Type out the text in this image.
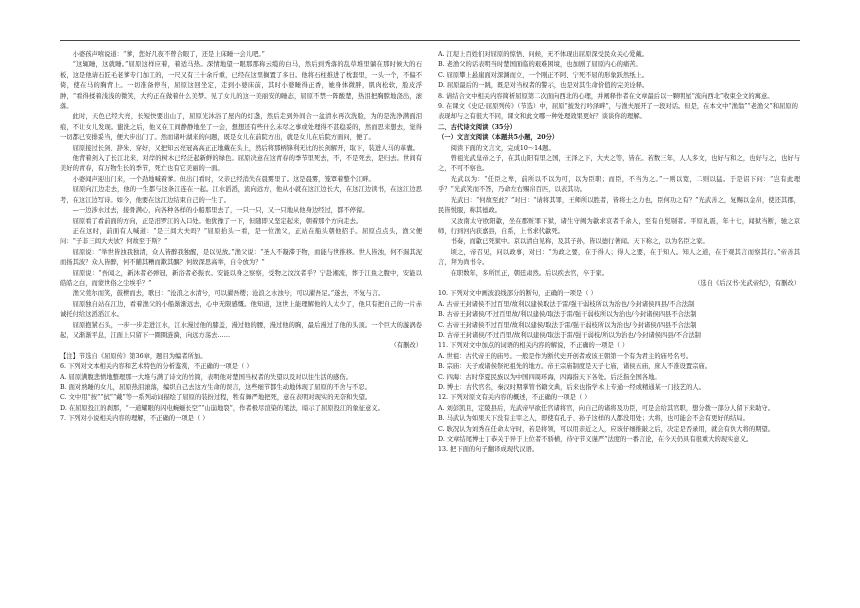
小婆孩声嘻说道：“爹，您好几夜不曾合眼了，还是上床睡一会儿吧。”

“这辄睡，这就睡。”屈原这样应着，着适马热。深情地望一眼那那称云缆的白马，然后到秀落的乱草堆里躺在那时候大的石板，这是他请石匠毛老爹专门加工的，一尺又有三十余斤重，已经在这里搁置了多日。他将石柱推进了枕套里，一头一个，不偏不倚，使在马的胸背上。一切准备停当，屈原这回坐定，走到小婆床前，其时小婆睡得正香，她身体微胖，肌肉松软，脸皮浮肿，“看得揉着浅浅的微笑，大约正在做着什么美梦。见了女儿的这一美丽安的睡态，屈原不禁一阵酸楚，热泪把胸膛地浇出，滚落。

此时，天色已经大亮，长短快要出山了，屈原光沐浴了屋内的灯盏，然后走到外间合一盆清水再次洗脸，为的是洗净满面泪痕，不让女儿发现。盥洗之后，他又在工间静静地坐了一会，想想还有些什么未尽之事或处理得不甚稳妥的，然而思来想去，觉得一切都已安排妥当，便大步出门了。然而诸叶湖来的问题，既是女儿在前院方出，就是女儿在后院方面问，便了。

屈原接过长剑、辞朱、穿好，又把知云亮冠高高正正地戴在头上，然后将那柄锋利无比的长剑解开，取下，装进人马的革囊。

他背着剑入了长江北来，对岸的树木已经泛起新鲜的绿色。屈原决意在这青春的季节里死去，不，不是死去，是归去。世间有美好的青春，有万物生长的季节，死亡也有它美丽的一面。

小婆闻声迎出门来，一个劲地喊着爹。但出门看时，父亲已经消失在晨雾里了。这是晨雾，笼罩着整个江畔。

屈原向江边走去，他的一生都与这条江连在一起。江水滔滔，流向远方，他从小就在这江边长大，在这江边读书，在这江边思考，在这江边写诗。如今，他要在这江边结束自己的一生了。

—一边涉水过去，接骨满心，向各种各样的小船那里去了，一只一只，又一只地从他身边经过，都不停留。

屈原看了看前面的方向，正是汨罗江的入口处。他犹豫了一下，但随即又坚定起来，朝着那个方向走去。

正在这时，前面有人喊道：“是三闾大夫吗？”屈原抬头一看，是一位渔父，正站在船头朝他招手。屈原点点头，渔父便问：“子非三闾大夫欤？何故至于斯？”

屈原说：“举世皆浊我独清，众人皆醉我独醒，是以见放。”渔父说：“圣人不凝滞于物，而能与世推移。世人皆浊，何不淈其泥而扬其波？众人皆醉，何不餔其糟而歠其醨？何故深思高举，自令放为？”

屈原说：“吾闻之，新沐者必弹冠，新浴者必振衣。安能以身之察察，受物之汶汶者乎？宁赴湘流，葬于江鱼之腹中，安能以皓皓之白，而蒙世俗之尘埃乎？”

渔父莞尔而笑，鼓枻而去，歌曰：“沧浪之水清兮，可以濯吾缨；沧浪之水浊兮，可以濯吾足。”遂去，不复与言。

屈原独自站在江边，看着渔父的小船渐渐远去，心中无限感慨。他知道，这世上能理解他的人太少了，他只有把自己的一片赤诚托付给这滔滔江水。

屈原抱紧石头，一步一步走进江水，江水漫过他的膝盖，漫过他的腰，漫过他的胸，最后漫过了他的头顶。一个巨大的漩涡卷起，又渐渐平息，江面上只留下一圈圈涟漪，向远方荡去……

（有删改）

【注】节选自《屈原传》第36章，题目为编者所加。

6. 下列对文本相关内容和艺术特色的分析鉴赏，不正确的一项是（ ）

A. 屈原满腹悲愤地整理那一大堆与满了诗文的竹简，表明他对楚国当权者的失望以及对以往生活的感伤。

B. 面对熟睡的女儿，屈原热泪滚落，编织自己去这方生命的误言，这些细节都生动地体现了屈原的不舍与不忍。

C. 文中用“按”“拭”“戴”等一系列动词描绘了屈原的装扮过程，牲有舞严地把死，意在表明对现实的无奈和失望。

D. 在屈原投江的刹那，“一道耀眼的闪电蜿蜒长空”“山崩地裂”，作者极尽渲染的笔法，暗示了屈原投江的象征意义。

7. 下列对小说相关内容的理解，不正确的一项是（ ）

A. 江堤上百姓们对屈原的惊悟、问候，无不体现出屈原深受民众关心爱戴。

B. 老渔父的话表明当时楚国面临的艰难困境，也加剧了屈原内心的痛苦。

C. 屈原攀上悬崖面对深渊而立，一个刚正不阿、宁死不屈的形象跃然纸上。

D. 屈原最后的一跳，既是对当权者的警示，也是对其生命价值的完美诠释。

8. 请结合文中相关内容简析屈原第二次面向西北的心理，并阐释作者在文章最后以一颗明星“流向西北”收束全文的寓意。

9. 在课文《史记·屈原列传》（节选）中，屈原“披发行吟泽畔”，与渔夫展开了一段对话。但是，在本文中“渔翁”“老渔父”和屈原的表现却与之有很大不同，课文和此文哪一种处理效果更好？谈谈你的理解。

二、古代诗文阅读（35分）

（一）文言文阅读（本题共5小题，20分）

阅读下面的文言文，完成10～14题。

曾祖光武皇帝之子，在其山阳有里之国，王泽之下，大夫之等，皆在。若数三年，人人多文，也好与和之，也好与之，也好与之，不可不察也。

光武以为：“任臣之卑，前所以不以为可，以为臣职；而臣，不当为之。”一则以宽，二则以猛。于是诏下问：“岂有此理乎？”光武笑而不答，乃命左右赐帛百匹，以表其功。

光武曰：“何故至此？”对曰：“请将其罪，王师所以胜者，皆将士之力也，臣何功之有？”光武善之，复赐以金帛，使还其郡，民皆悦服，称其德政。

又汝南太守欧阳歙，坐在郡赃罪下狱，诸生守阙为歙求哀者千余人，至有自髡剔者。平原礼震，年十七，闻狱当断，驰之京师，行到河内获嘉县，自系，上书求代歙死。

书奏，而歙已死狱中。京以清白见称，及其子孙，皆以德行著闻。天下称之，以为名臣之家。

顷之，帝召见，问以政事，对曰：“为政之要，在于得人；得人之要，在于知人。知人之道，在于观其言而察其行。”帝善其言，拜为尚书令。

在职数年，多所匡正，朝廷肃然。后以疾去官，卒于家。

（选自《后汉书·光武帝纪》，有删改）

10. 下列对文中画波浪线部分的断句，正确的一项是（ ）

A. 古帝王封诸侯不过百里/故利以建侯取法于雷/强干弱枝所以为治也/今封诸侯四县/不合法制

B. 古帝王封诸侯/不过百里故/利以建侯/取法于雷/强干弱枝所以为治也/今封诸侯四县不合法制

C. 古帝王封诸侯不过百里/故利以建侯/取法于雷/强干弱枝所以为治也/今封诸侯/四县不合法制

D. 古帝王封诸侯/不过百里/故利以建侯/取法于雷/强干弱枝/所以为治也/今封诸侯四县/不合法制

11. 下列对文中加点的词语的相关内容的解说，不正确的一项是（ ）

A. 世祖：古代帝王的庙号。一般是作为断代史开创者或该王朝第一个有为君主的庙号名号。

B. 宗庙：天子或诸侯祭祀祖先的地方。帝王宗庙制度是天子七庙，诸侯五庙，庶人不准设置宗庙。

C. 四海：古时华夏民族以为中国四周环海，四海指天下各处。后泛指全国各地。

D. 博士：古代官名，秦汉时期掌管书籍文典，后来也指学术上专通一经或精通某一门技艺的人。

12. 下列对原文有关内容的概述，不正确的一项是（ ）

A. 刘彭凯且，定陵县后，光武帝早欲任官诸将官，向自己的诸将及功臣，可是会给其官职，想分拨一部分人留下来助守。

B. 马武认为如果天下没有主宰之人，即使有孔子、孙子这样的人都没用处；大将，也可能会不会有更好的结局。

C. 耿况认为刘秀在任命太守时，若是将领，可以用亲近之人，应该仔细推敲之后，决定是否录用，就会有负大将的期望。

D. 文章结尾博士丁恭关于异于上位者不骄横，待守节义谨严”法度的一番言论，在今天仍具有很重大的现实意义。

13. 把下面的句子翻译成现代汉语。
